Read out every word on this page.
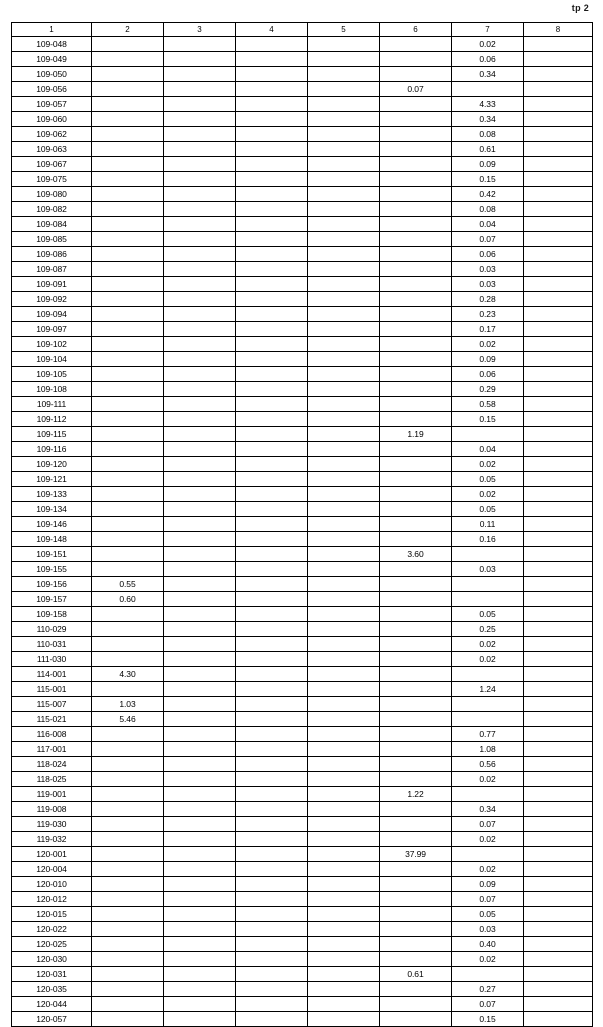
tp 2
1	2	3	4	5	6	7	8
109-048						0.02	
109-049						0.06	
109-050						0.34	
109-056					0.07		
109-057						4.33	
109-060						0.34	
109-062						0.08	
109-063						0.61	
109-067						0.09	
109-075						0.15	
109-080						0.42	
109-082						0.08	
109-084						0.04	
109-085						0.07	
109-086						0.06	
109-087						0.03	
109-091						0.03	
109-092						0.28	
109-094						0.23	
109-097						0.17	
109-102						0.02	
109-104						0.09	
109-105						0.06	
109-108						0.29	
109-111						0.58	
109-112						0.15	
109-115					1.19		
109-116						0.04	
109-120						0.02	
109-121						0.05	
109-133						0.02	
109-134						0.05	
109-146						0.11	
109-148						0.16	
109-151					3.60		
109-155						0.03	
109-156	0.55						
109-157	0.60						
109-158						0.05	
110-029						0.25	
110-031						0.02	
111-030						0.02	
114-001	4.30						
115-001						1.24	
115-007	1.03						
115-021	5.46						
116-008						0.77	
117-001						1.08	
118-024						0.56	
118-025						0.02	
119-001					1.22		
119-008						0.34	
119-030						0.07	
119-032						0.02	
120-001					37.99		
120-004						0.02	
120-010						0.09	
120-012						0.07	
120-015						0.05	
120-022						0.03	
120-025						0.40	
120-030						0.02	
120-031					0.61		
120-035						0.27	
120-044						0.07	
120-057						0.15	
